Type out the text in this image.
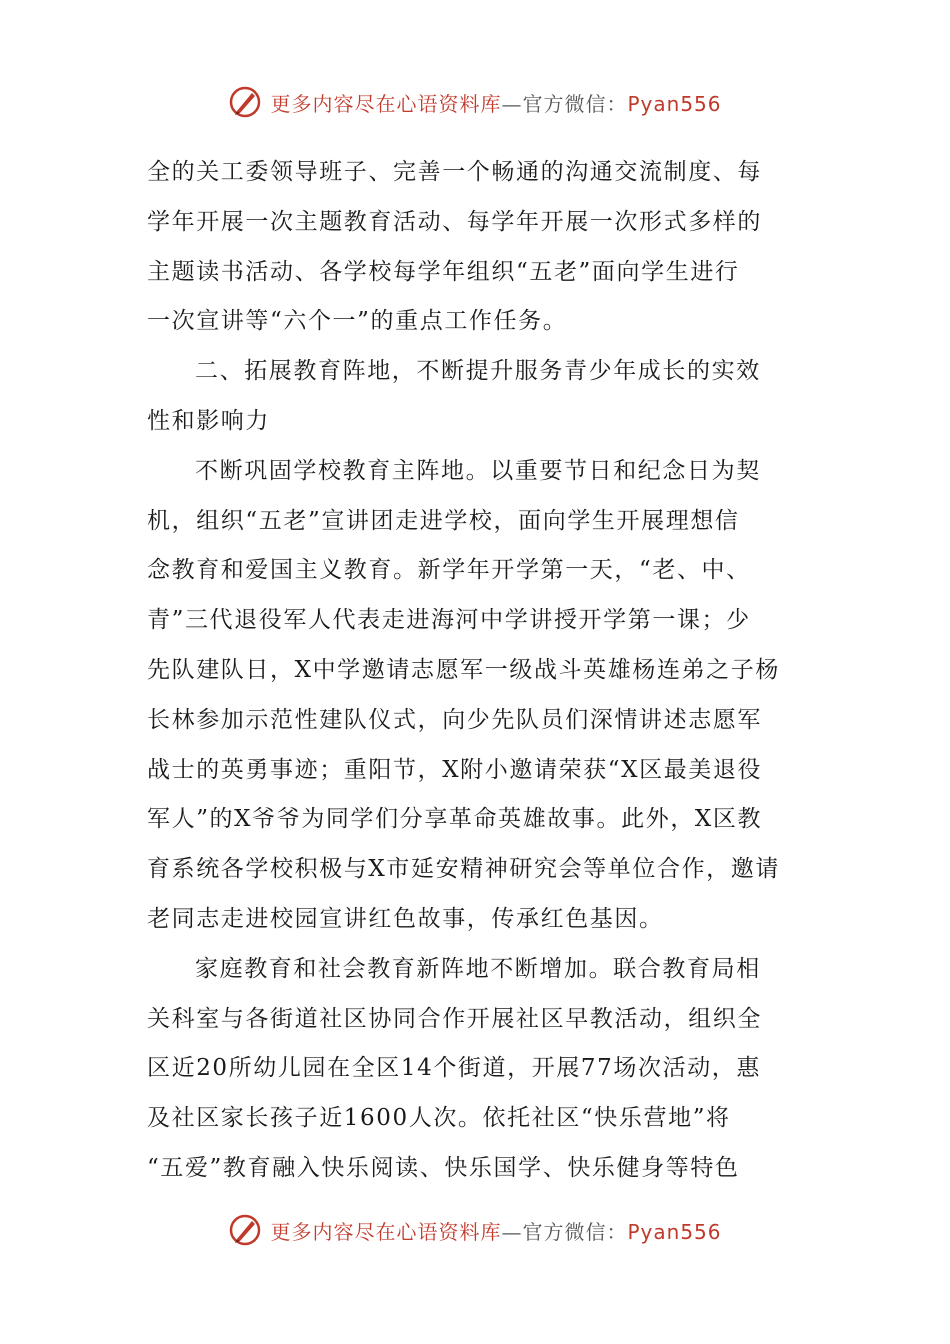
更多内容尽在心语资料库—官方微信：Pyan556
全的关工委领导班子、完善一个畅通的沟通交流制度、每
学年开展一次主题教育活动、每学年开展一次形式多样的
主题读书活动、各学校每学年组织“五老”面向学生进行
一次宣讲等“六个一”的重点工作任务。
二、拓展教育阵地，不断提升服务青少年成长的实效
性和影响力
不断巩固学校教育主阵地。以重要节日和纪念日为契
机，组织“五老”宣讲团走进学校，面向学生开展理想信
念教育和爱国主义教育。新学年开学第一天，“老、中、
青”三代退役军人代表走进海河中学讲授开学第一课；少
先队建队日，X中学邀请志愿军一级战斗英雄杨连弟之子杨
长林参加示范性建队仪式，向少先队员们深情讲述志愿军
战士的英勇事迹；重阳节，X附小邀请荣获“X区最美退役
军人”的X爷爷为同学们分享革命英雄故事。此外，X区教
育系统各学校积极与X市延安精神研究会等单位合作，邀请
老同志走进校园宣讲红色故事，传承红色基因。
家庭教育和社会教育新阵地不断增加。联合教育局相
关科室与各街道社区协同合作开展社区早教活动，组织全
区近20所幼儿园在全区14个街道，开展77场次活动，惠
及社区家长孩子近1600人次。依托社区“快乐营地”将
“五爱”教育融入快乐阅读、快乐国学、快乐健身等特色
更多内容尽在心语资料库—官方微信：Pyan556
